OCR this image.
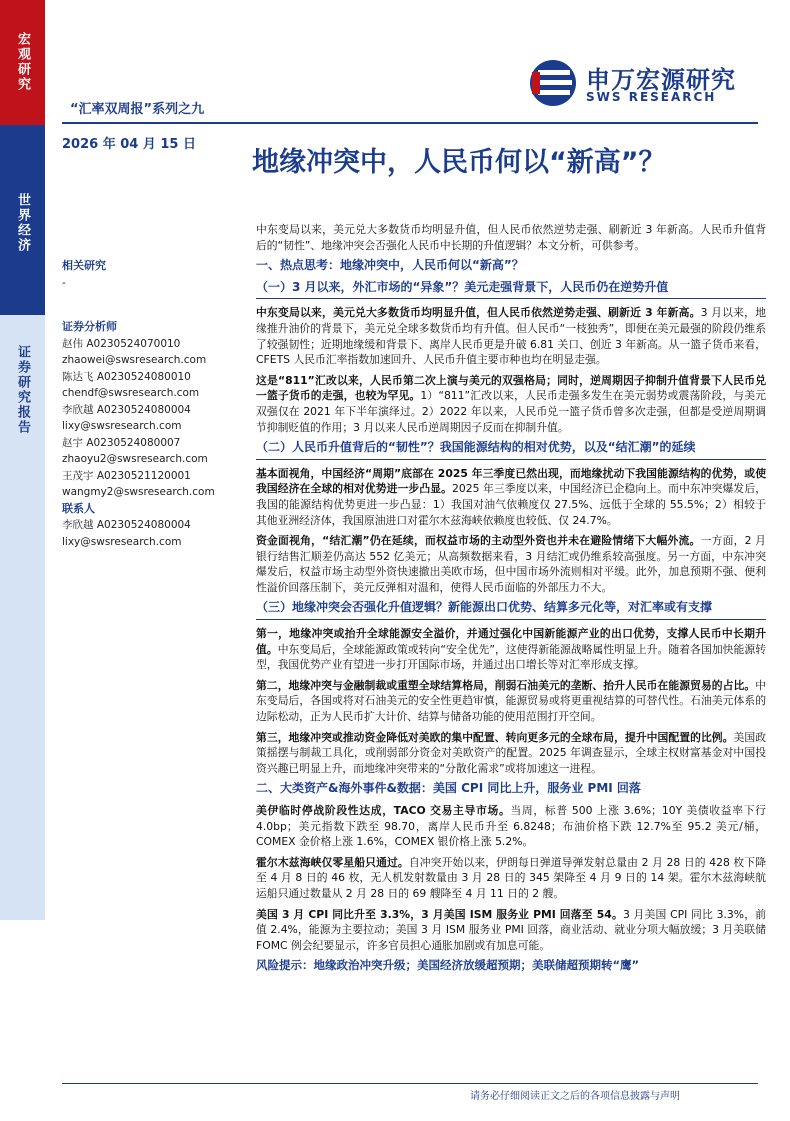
宏观研究
世界经济
证券研究报告
“汇率双周报”系列之九
申万宏源研究
SWS RESEARCH
2026 年 04 月 15 日
地缘冲突中，人民币何以“新高”？
相关研究
-
证券分析师
赵伟 A0230524070010
zhaowei@swsresearch.com
陈达飞 A0230524080010
chendf@swsresearch.com
李欣越 A0230524080004
lixy@swsresearch.com
赵宇 A0230524080007
zhaoyu2@swsresearch.com
王茂宇 A0230521120001
wangmy2@swsresearch.com
联系人
李欣越 A0230524080004
lixy@swsresearch.com

中东变局以来，美元兑大多数货币均明显升值，但人民币依然逆势走强、刷新近 3 年新高。人民币升值背后的“韧性”、地缘冲突会否强化人民币中长期的升值逻辑？本文分析，可供参考。

一、热点思考：地缘冲突中，人民币何以“新高”？
（一）3 月以来，外汇市场的“异象”？美元走强背景下，人民币仍在逆势升值

中东变局以来，美元兑大多数货币均明显升值，但人民币依然逆势走强、刷新近 3 年新高。3 月以来，地缘推升油价的背景下，美元兑全球多数货币均有升值。但人民币“一枝独秀”，即便在美元最强的阶段仍维系了较强韧性；近期地缘缓和背景下、离岸人民币更是升破 6.81 关口、创近 3 年新高。从一篮子货币来看，CFETS 人民币汇率指数加速回升、人民币升值主要市种也均在明显走强。

这是“811”汇改以来，人民币第二次上演与美元的双强格局；同时，逆周期因子抑制升值背景下人民币兑一篮子货币的走强，也较为罕见。1）“811”汇改以来，人民币走强多发生在美元弱势或震荡阶段，与美元双强仅在 2021 年下半年演绎过。2）2022 年以来，人民币兑一篮子货币曾多次走强，但都是受逆周期调节抑制贬值的作用；3 月以来人民币逆周期因子反而在抑制升值。

（二）人民币升值背后的“韧性”？我国能源结构的相对优势，以及“结汇潮”的延续

基本面视角，中国经济“周期”底部在 2025 年三季度已然出现，而地缘扰动下我国能源结构的优势，或使我国经济在全球的相对优势进一步凸显。2025 年三季度以来，中国经济已企稳向上。而中东冲突爆发后，我国的能源结构优势更进一步凸显：1）我国对油气依赖度仅 27.5%、远低于全球的 55.5%；2）相较于其他亚洲经济体，我国原油进口对霍尔木兹海峡依赖度也较低、仅 24.7%。

资金面视角，“结汇潮”仍在延续，而权益市场的主动型外资也并未在避险情绪下大幅外流。一方面，2 月银行结售汇顺差仍高达 552 亿美元；从高频数据来看，3 月结汇或仍维系较高强度。另一方面，中东冲突爆发后，权益市场主动型外资快速撤出美欧市场，但中国市场外流则相对平缓。此外，加息预期不强、便利性溢价回落压制下，美元反弹相对温和，使得人民币面临的外部压力不大。

（三）地缘冲突会否强化升值逻辑？新能源出口优势、结算多元化等，对汇率或有支撑

第一，地缘冲突或抬升全球能源安全溢价，并通过强化中国新能源产业的出口优势，支撑人民币中长期升值。中东变局后，全球能源政策或转向“安全优先”，这使得新能源战略属性明显上升。随着各国加快能源转型，我国优势产业有望进一步打开国际市场，并通过出口增长等对汇率形成支撑。

第二，地缘冲突与金融制裁或重塑全球结算格局，削弱石油美元的垄断、抬升人民币在能源贸易的占比。中东变局后，各国或将对石油美元的安全性更趋审慎，能源贸易或将更重视结算的可替代性。石油美元体系的边际松动，正为人民币扩大计价、结算与储备功能的使用范围打开空间。

第三，地缘冲突或推动资金降低对美欧的集中配置、转向更多元的全球布局，提升中国配置的比例。美国政策摇摆与制裁工具化，或削弱部分资金对美欧资产的配置。2025 年调查显示，全球主权财富基金对中国投资兴趣已明显上升，而地缘冲突带来的“分散化需求”或将加速这一进程。

二、大类资产&海外事件&数据：美国 CPI 同比上升，服务业 PMI 回落

美伊临时停战阶段性达成，TACO 交易主导市场。当周，标普 500 上涨 3.6%；10Y 美债收益率下行 4.0bp；美元指数下跌至 98.70，离岸人民币升至 6.8248；布油价格下跌 12.7%至 95.2 美元/桶，COMEX 金价格上涨 1.6%，COMEX 银价格上涨 5.2%。

霍尔木兹海峡仅零星船只通过。自冲突开始以来，伊朗每日弹道导弹发射总量由 2 月 28 日的 428 枚下降至 4 月 8 日的 46 枚，无人机发射数量由 3 月 28 日的 345 架降至 4 月 9 日的 14 架。霍尔木兹海峡航运船只通过数量从 2 月 28 日的 69 艘降至 4 月 11 日的 2 艘。

美国 3 月 CPI 同比升至 3.3%，3 月美国 ISM 服务业 PMI 回落至 54。3 月美国 CPI 同比 3.3%，前值 2.4%，能源为主要拉动；美国 3 月 ISM 服务业 PMI 回落，商业活动、就业分项大幅放缓；3 月美联储 FOMC 例会纪要显示，许多官员担心通胀加剧或有加息可能。

风险提示：地缘政治冲突升级；美国经济放缓超预期；美联储超预期转“鹰”
请务必仔细阅读正文之后的各项信息披露与声明
